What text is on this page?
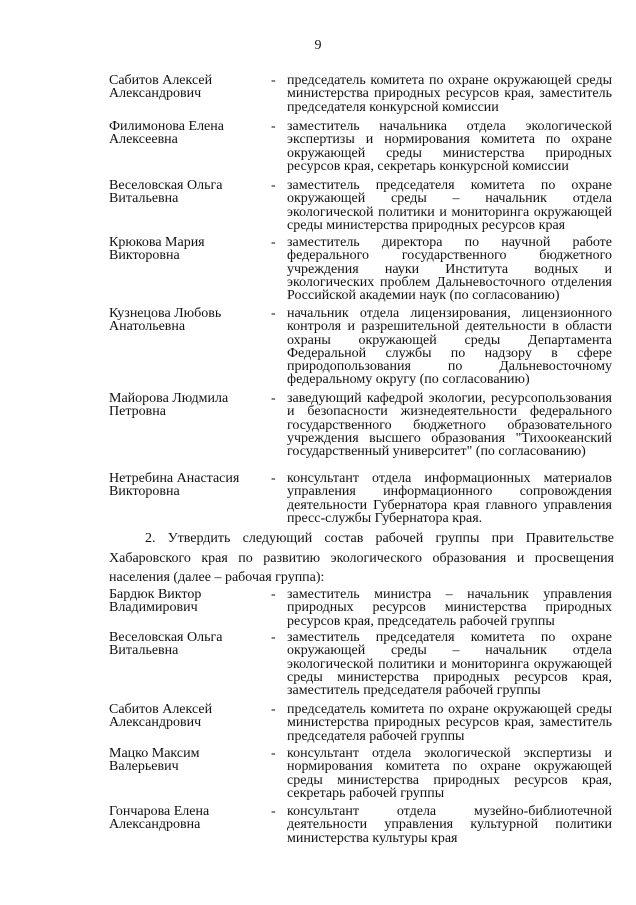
9
Сабитов Алексей
Александрович
- председатель комитета по охране окружающей среды министерства природных ресурсов края, заместитель председателя конкурсной комиссии
Филимонова Елена
Алексеевна
- заместитель начальника отдела экологической экспертизы и нормирования комитета по охране окружающей среды министерства природных ресурсов края, секретарь конкурсной комиссии
Веселовская Ольга
Витальевна
- заместитель председателя комитета по охране окружающей среды – начальник отдела экологической политики и мониторинга окружающей среды министерства природных ресурсов края
Крюкова Мария
Викторовна
- заместитель директора по научной работе федерального государственного бюджетного учреждения науки Института водных и экологических проблем Дальневосточного отделения Российской академии наук (по согласованию)
Кузнецова Любовь
Анатольевна
- начальник отдела лицензирования, лицензионного контроля и разрешительной деятельности в области охраны окружающей среды Департамента Федеральной службы по надзору в сфере природопользования по Дальневосточному федеральному округу (по согласованию)
Майорова Людмила
Петровна
- заведующий кафедрой экологии, ресурсопользования и безопасности жизнедеятельности федерального государственного бюджетного образовательного учреждения высшего образования "Тихоокеанский государственный университет" (по согласованию)
Нетребина Анастасия
Викторовна
- консультант отдела информационных материалов управления информационного сопровождения деятельности Губернатора края главного управления пресс-службы Губернатора края.
2. Утвердить следующий состав рабочей группы при Правительстве Хабаровского края по развитию экологического образования и просвещения населения (далее – рабочая группа):
Бардюк Виктор
Владимирович
- заместитель министра – начальник управления природных ресурсов министерства природных ресурсов края, председатель рабочей группы
Веселовская Ольга
Витальевна
- заместитель председателя комитета по охране окружающей среды – начальник отдела экологической политики и мониторинга окружающей среды министерства природных ресурсов края, заместитель председателя рабочей группы
Сабитов Алексей
Александрович
- председатель комитета по охране окружающей среды министерства природных ресурсов края, заместитель председателя рабочей группы
Мацко Максим
Валерьевич
- консультант отдела экологической экспертизы и нормирования комитета по охране окружающей среды министерства природных ресурсов края, секретарь рабочей группы
Гончарова Елена
Александровна
- консультант отдела музейно-библиотечной деятельности управления культурной политики министерства культуры края
